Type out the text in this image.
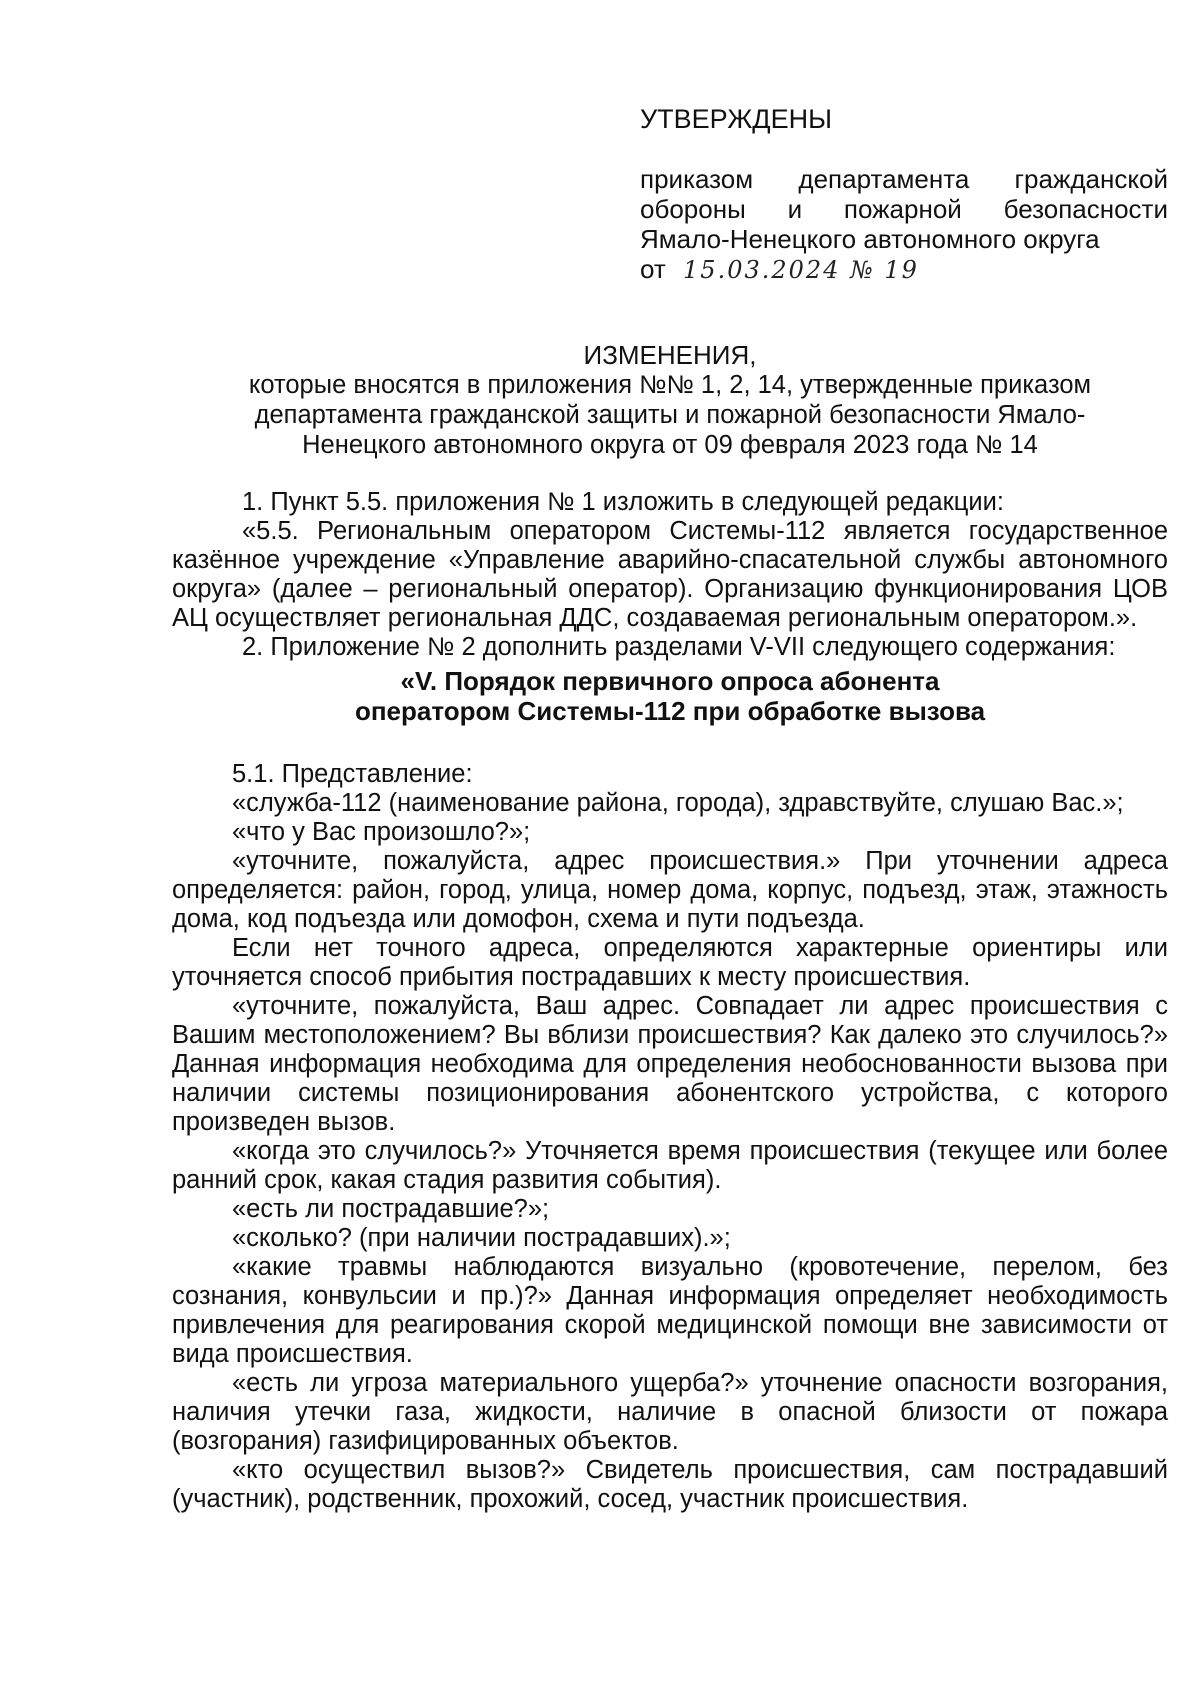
УТВЕРЖДЕНЫ
приказом департамента гражданской
обороны и пожарной безопасности
Ямало-Ненецкого автономного округа
от 15.03.2024 № 19
ИЗМЕНЕНИЯ,
которые вносятся в приложения №№ 1, 2, 14, утвержденные приказом
департамента гражданской защиты и пожарной безопасности Ямало-
Ненецкого автономного округа от 09 февраля 2023 года № 14

1. Пункт 5.5. приложения № 1 изложить в следующей редакции:

«5.5. Региональным оператором Системы-112 является государственное казённое учреждение «Управление аварийно-спасательной службы автономного округа» (далее – региональный оператор). Организацию функционирования ЦОВ АЦ осуществляет региональная ДДС, создаваемая региональным оператором.».

2. Приложение № 2 дополнить разделами V-VII следующего содержания:

«V. Порядок первичного опроса абонента
оператором Системы-112 при обработке вызова

5.1. Представление:

«служба-112 (наименование района, города), здравствуйте, слушаю Вас.»;

«что у Вас произошло?»;

«уточните, пожалуйста, адрес происшествия.» При уточнении адреса определяется: район, город, улица, номер дома, корпус, подъезд, этаж, этажность дома, код подъезда или домофон, схема и пути подъезда.

Если нет точного адреса, определяются характерные ориентиры или уточняется способ прибытия пострадавших к месту происшествия.

«уточните, пожалуйста, Ваш адрес. Совпадает ли адрес происшествия с Вашим местоположением? Вы вблизи происшествия? Как далеко это случилось?» Данная информация необходима для определения необоснованности вызова при наличии системы позиционирования абонентского устройства, с которого произведен вызов.

«когда это случилось?» Уточняется время происшествия (текущее или более ранний срок, какая стадия развития события).

«есть ли пострадавшие?»;

«сколько? (при наличии пострадавших).»;

«какие травмы наблюдаются визуально (кровотечение, перелом, без сознания, конвульсии и пр.)?» Данная информация определяет необходимость привлечения для реагирования скорой медицинской помощи вне зависимости от вида происшествия.

«есть ли угроза материального ущерба?» уточнение опасности возгорания, наличия утечки газа, жидкости, наличие в опасной близости от пожара (возгорания) газифицированных объектов.

«кто осуществил вызов?» Свидетель происшествия, сам пострадавший (участник), родственник, прохожий, сосед, участник происшествия.
